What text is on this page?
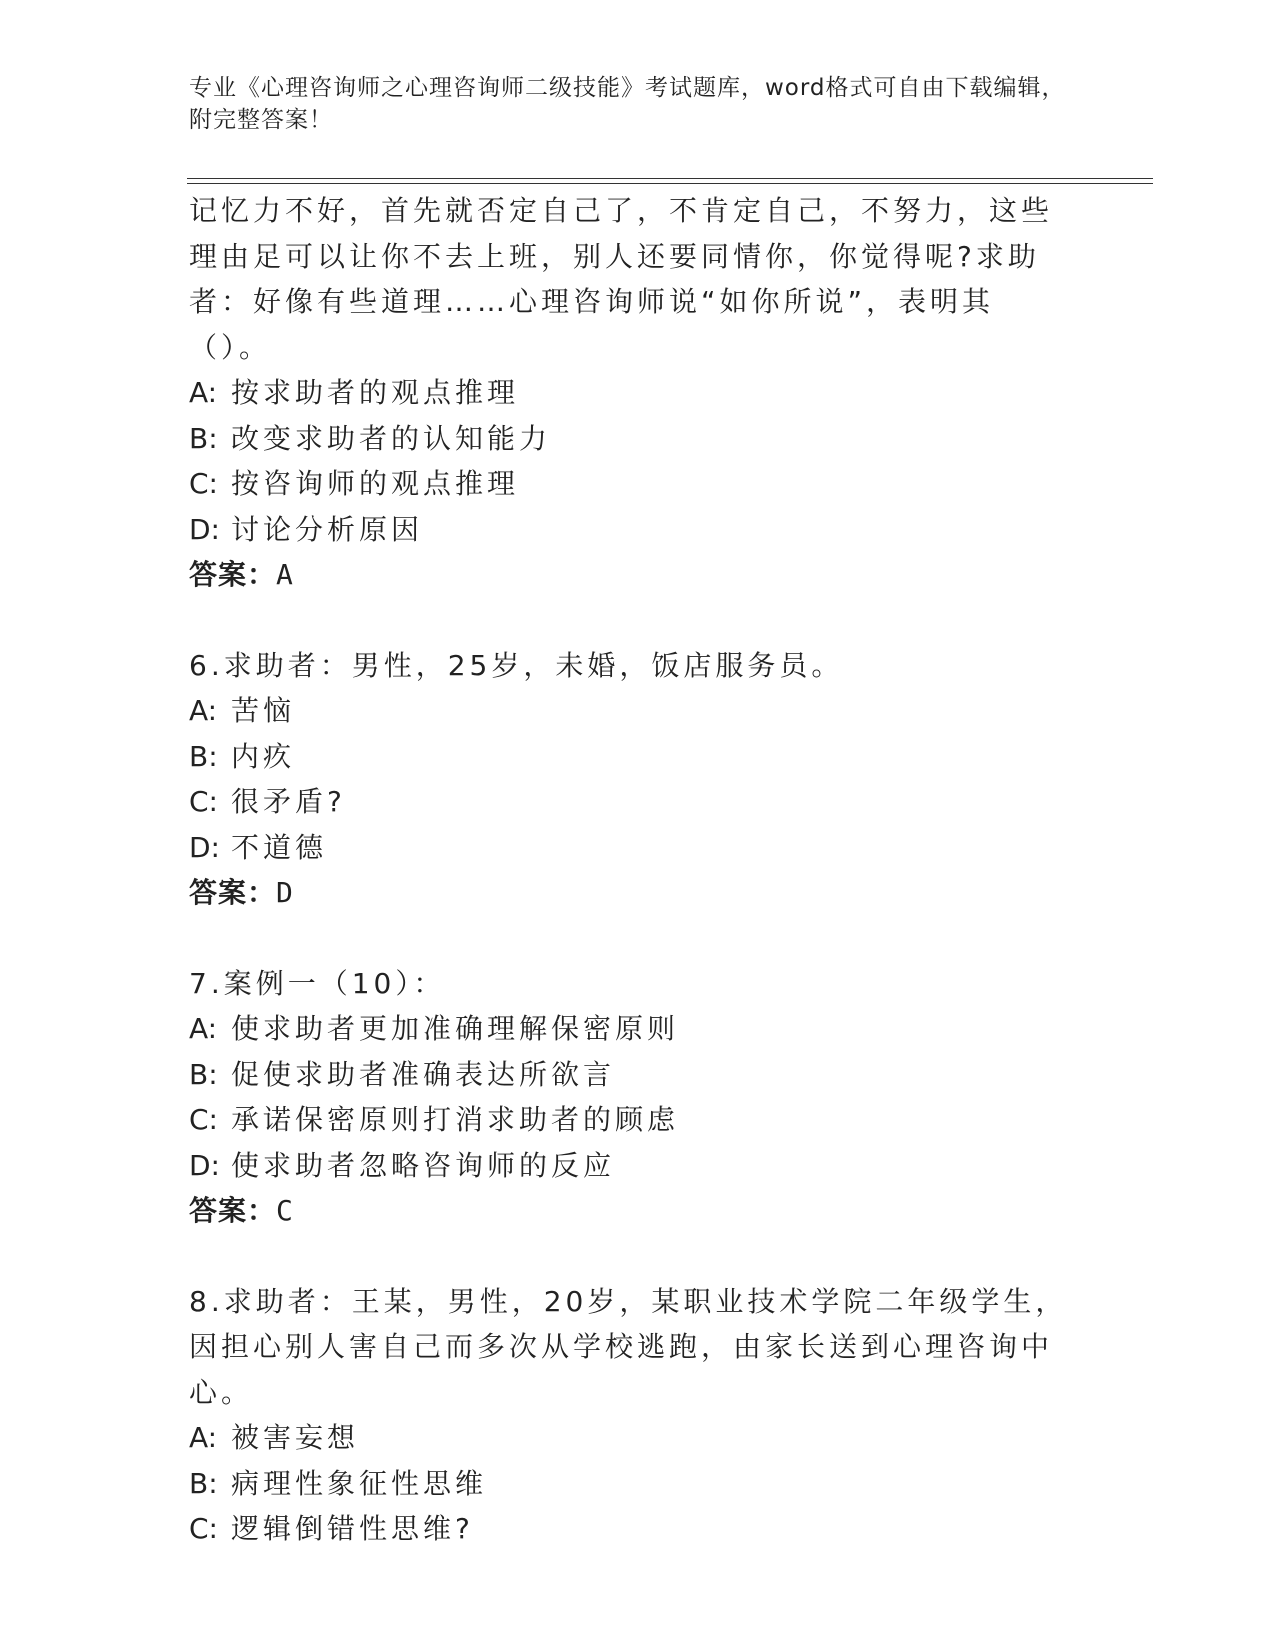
专业《心理咨询师之心理咨询师二级技能》考试题库，word格式可自由下载编辑，附完整答案！

记忆力不好，首先就否定自己了，不肯定自己，不努力，这些理由足可以让你不去上班，别人还要同情你，你觉得呢?求助者：好像有些道理……心理咨询师说“如你所说”，表明其（）。

A: 按求助者的观点推理

B: 改变求助者的认知能力

C: 按咨询师的观点推理

D: 讨论分析原因

答案：A

6.求助者：男性，25岁，未婚，饭店服务员。

A: 苦恼

B: 内疚

C: 很矛盾?

D: 不道德

答案：D

7.案例一（10）：

A: 使求助者更加准确理解保密原则

B: 促使求助者准确表达所欲言

C: 承诺保密原则打消求助者的顾虑

D: 使求助者忽略咨询师的反应

答案：C

8.求助者：王某，男性，20岁，某职业技术学院二年级学生，因担心别人害自己而多次从学校逃跑，由家长送到心理咨询中心。

A: 被害妄想

B: 病理性象征性思维

C: 逻辑倒错性思维?
